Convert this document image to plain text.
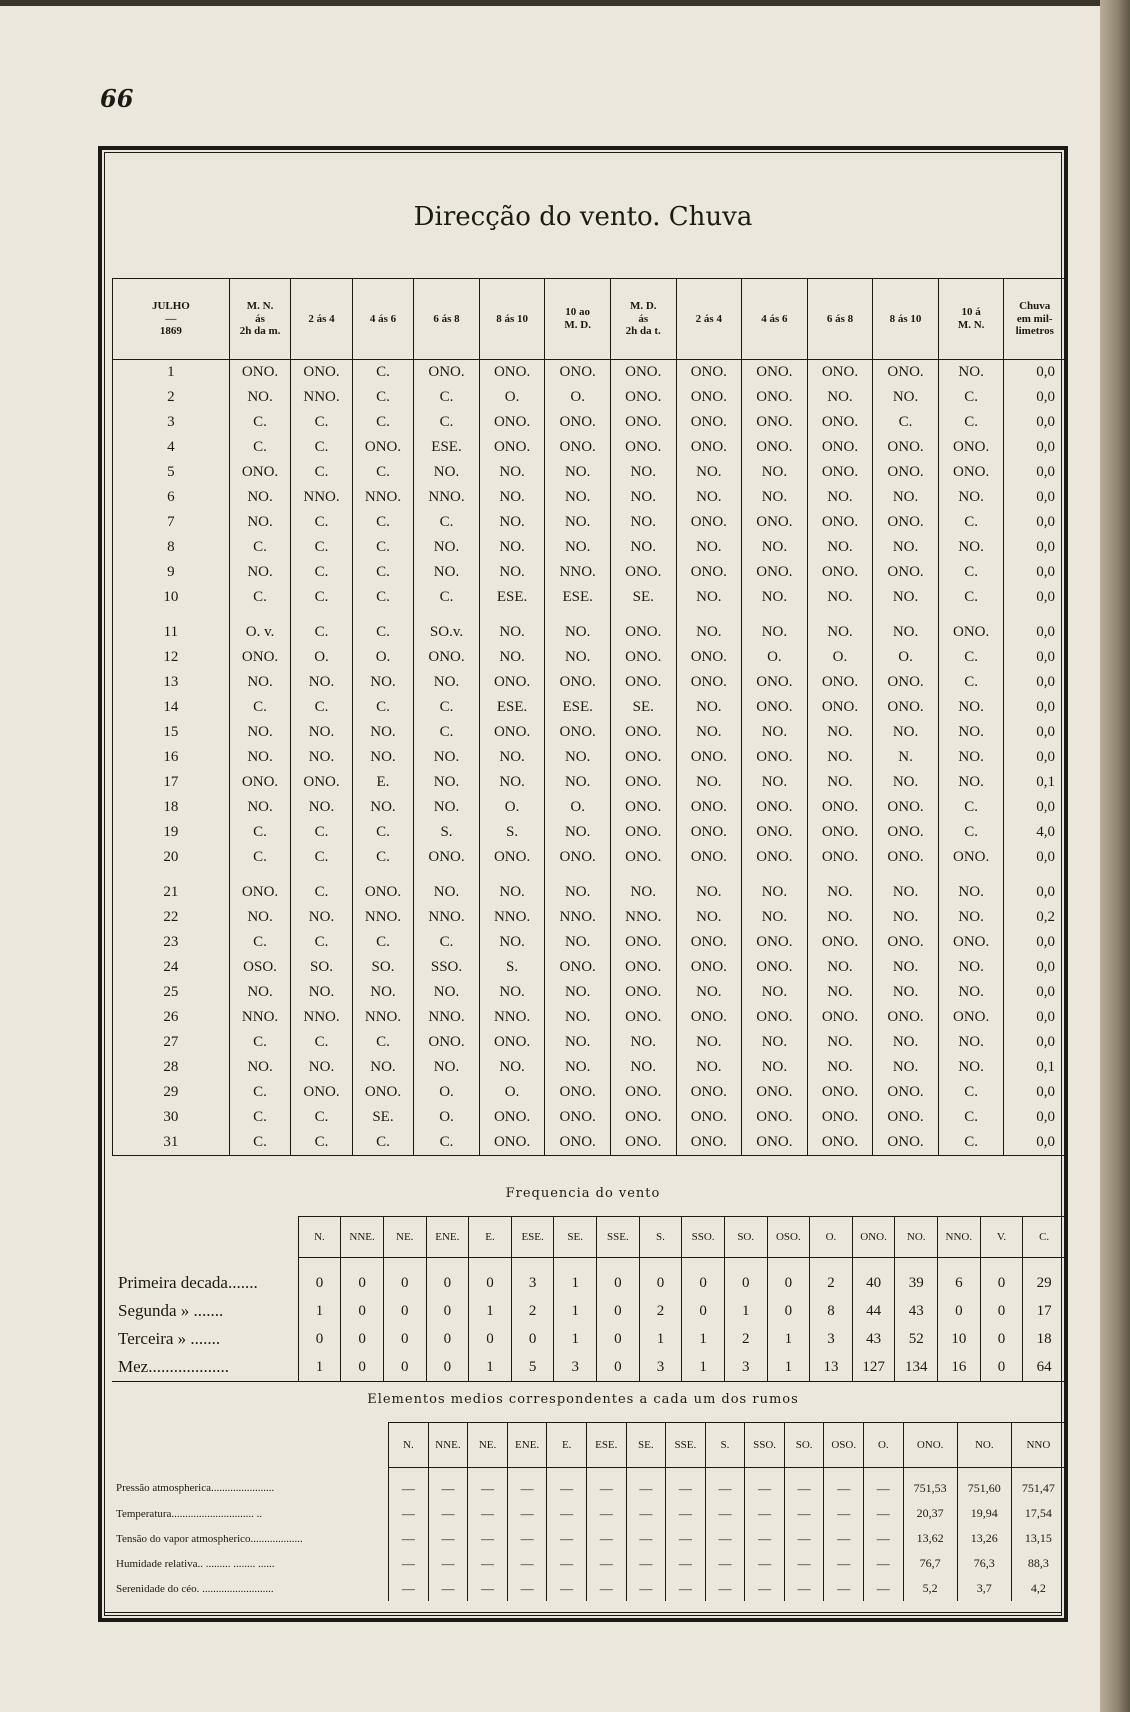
66
Direcção do vento. Chuva
JULHO
—
1869	M. N.
ás
2h da m.	2 ás 4	4 ás 6	6 ás 8	8 ás 10	10 ao
M. D.	M. D.
ás
2h da t.	2 ás 4	4 ás 6	6 ás 8	8 ás 10	10 á
M. N.	Chuva
em mil-
limetros
1	ONO.	ONO.	C.	ONO.	ONO.	ONO.	ONO.	ONO.	ONO.	ONO.	ONO.	NO.	0,0
2	NO.	NNO.	C.	C.	O.	O.	ONO.	ONO.	ONO.	NO.	NO.	C.	0,0
3	C.	C.	C.	C.	ONO.	ONO.	ONO.	ONO.	ONO.	ONO.	C.	C.	0,0
4	C.	C.	ONO.	ESE.	ONO.	ONO.	ONO.	ONO.	ONO.	ONO.	ONO.	ONO.	0,0
5	ONO.	C.	C.	NO.	NO.	NO.	NO.	NO.	NO.	ONO.	ONO.	ONO.	0,0
6	NO.	NNO.	NNO.	NNO.	NO.	NO.	NO.	NO.	NO.	NO.	NO.	NO.	0,0
7	NO.	C.	C.	C.	NO.	NO.	NO.	ONO.	ONO.	ONO.	ONO.	C.	0,0
8	C.	C.	C.	NO.	NO.	NO.	NO.	NO.	NO.	NO.	NO.	NO.	0,0
9	NO.	C.	C.	NO.	NO.	NNO.	ONO.	ONO.	ONO.	ONO.	ONO.	C.	0,0
10	C.	C.	C.	C.	ESE.	ESE.	SE.	NO.	NO.	NO.	NO.	C.	0,0

11	O. v.	C.	C.	SO.v.	NO.	NO.	ONO.	NO.	NO.	NO.	NO.	ONO.	0,0
12	ONO.	O.	O.	ONO.	NO.	NO.	ONO.	ONO.	O.	O.	O.	C.	0,0
13	NO.	NO.	NO.	NO.	ONO.	ONO.	ONO.	ONO.	ONO.	ONO.	ONO.	C.	0,0
14	C.	C.	C.	C.	ESE.	ESE.	SE.	NO.	ONO.	ONO.	ONO.	NO.	0,0
15	NO.	NO.	NO.	C.	ONO.	ONO.	ONO.	NO.	NO.	NO.	NO.	NO.	0,0
16	NO.	NO.	NO.	NO.	NO.	NO.	ONO.	ONO.	ONO.	NO.	N.	NO.	0,0
17	ONO.	ONO.	E.	NO.	NO.	NO.	ONO.	NO.	NO.	NO.	NO.	NO.	0,1
18	NO.	NO.	NO.	NO.	O.	O.	ONO.	ONO.	ONO.	ONO.	ONO.	C.	0,0
19	C.	C.	C.	S.	S.	NO.	ONO.	ONO.	ONO.	ONO.	ONO.	C.	4,0
20	C.	C.	C.	ONO.	ONO.	ONO.	ONO.	ONO.	ONO.	ONO.	ONO.	ONO.	0,0

21	ONO.	C.	ONO.	NO.	NO.	NO.	NO.	NO.	NO.	NO.	NO.	NO.	0,0
22	NO.	NO.	NNO.	NNO.	NNO.	NNO.	NNO.	NO.	NO.	NO.	NO.	NO.	0,2
23	C.	C.	C.	C.	NO.	NO.	ONO.	ONO.	ONO.	ONO.	ONO.	ONO.	0,0
24	OSO.	SO.	SO.	SSO.	S.	ONO.	ONO.	ONO.	ONO.	NO.	NO.	NO.	0,0
25	NO.	NO.	NO.	NO.	NO.	NO.	ONO.	NO.	NO.	NO.	NO.	NO.	0,0
26	NNO.	NNO.	NNO.	NNO.	NNO.	NO.	ONO.	ONO.	ONO.	ONO.	ONO.	ONO.	0,0
27	C.	C.	C.	ONO.	ONO.	NO.	NO.	NO.	NO.	NO.	NO.	NO.	0,0
28	NO.	NO.	NO.	NO.	NO.	NO.	NO.	NO.	NO.	NO.	NO.	NO.	0,1
29	C.	ONO.	ONO.	O.	O.	ONO.	ONO.	ONO.	ONO.	ONO.	ONO.	C.	0,0
30	C.	C.	SE.	O.	ONO.	ONO.	ONO.	ONO.	ONO.	ONO.	ONO.	C.	0,0
31	C.	C.	C.	C.	ONO.	ONO.	ONO.	ONO.	ONO.	ONO.	ONO.	C.	0,0
Frequencia do vento
	N.	NNE.	NE.	ENE.	E.	ESE.	SE.	SSE.	S.	SSO.	SO.	OSO.	O.	ONO.	NO.	NNO.	V.	C.
Primeira decada.......	0	0	0	0	0	3	1	0	0	0	0	0	2	40	39	6	0	29
Segunda » .......	1	0	0	0	1	2	1	0	2	0	1	0	8	44	43	0	0	17
Terceira » .......	0	0	0	0	0	0	1	0	1	1	2	1	3	43	52	10	0	18
Mez...................	1	0	0	0	1	5	3	0	3	1	3	1	13	127	134	16	0	64
Elementos medios correspondentes a cada um dos rumos
	N.	NNE.	NE.	ENE.	E.	ESE.	SE.	SSE.	S.	SSO.	SO.	OSO.	O.	ONO.	NO.	NNO
Pressão atmospherica.......................	—	—	—	—	—	—	—	—	—	—	—	—	—	751,53	751,60	751,47
Temperatura.............................. ..	—	—	—	—	—	—	—	—	—	—	—	—	—	20,37	19,94	17,54
Tensão do vapor atmospherico...................	—	—	—	—	—	—	—	—	—	—	—	—	—	13,62	13,26	13,15
Humidade relativa.. ......... ........ ......	—	—	—	—	—	—	—	—	—	—	—	—	—	76,7	76,3	88,3
Serenidade do céo. ..........................	—	—	—	—	—	—	—	—	—	—	—	—	—	5,2	3,7	4,2
